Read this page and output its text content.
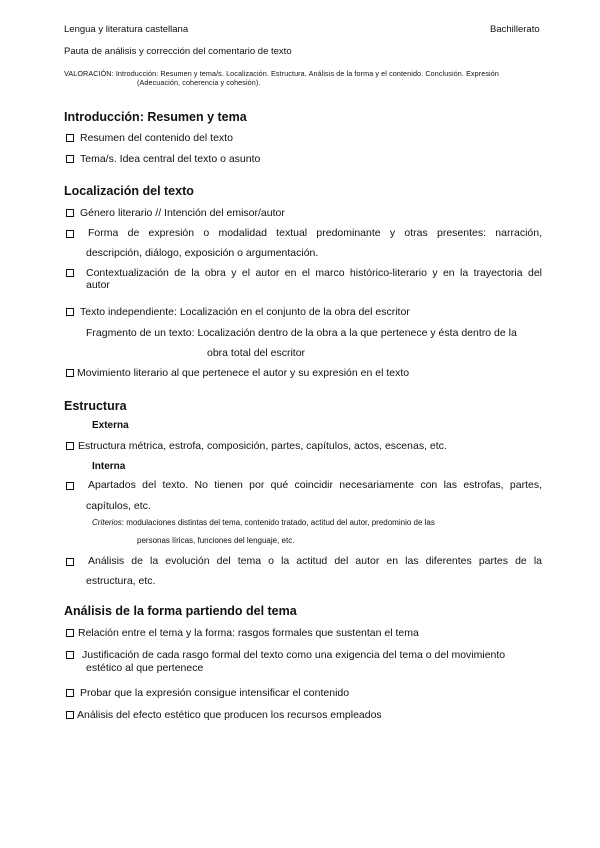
Lengua y literatura castellana	Bachillerato
Pauta de análisis y corrección del comentario de texto
VALORACIÓN: Introducción: Resumen y tema/s. Localización. Estructura. Análisis de la forma y el contenido. Conclusión. Expresión
(Adecuación, coherencia y cohesión).
Introducción: Resumen y tema
Resumen del contenido del texto
Tema/s. Idea central del texto o asunto
Localización del texto
Género literario // Intención del emisor/autor
Forma de expresión o modalidad textual predominante y otras presentes: narración,
descripción, diálogo, exposición o argumentación.
Contextualización de la obra y el autor en el marco histórico-literario y en la trayectoria del
autor
Texto independiente: Localización en el conjunto de la obra del escritor
Fragmento de un texto: Localización dentro de la obra a la que pertenece y ésta dentro de la
obra total del escritor
Movimiento literario al que pertenece el autor y su expresión en el texto
Estructura
Externa
Estructura métrica, estrofa, composición, partes, capítulos, actos, escenas, etc.
Interna
Apartados del texto. No tienen por qué coincidir necesariamente con las estrofas, partes,
capítulos, etc.
Criterios: modulaciones distintas del tema, contenido tratado, actitud del autor, predominio de las
personas líricas, funciones del lenguaje, etc.
Análisis de la evolución del tema o la actitud del autor en las diferentes partes de la
estructura, etc.
Análisis de la forma partiendo del tema
Relación entre el tema y la forma: rasgos formales que sustentan el tema
Justificación de cada rasgo formal del texto como una exigencia del tema o del movimiento
estético al que pertenece
Probar que la expresión consigue intensificar el contenido
Análisis del efecto estético que producen los recursos empleados
